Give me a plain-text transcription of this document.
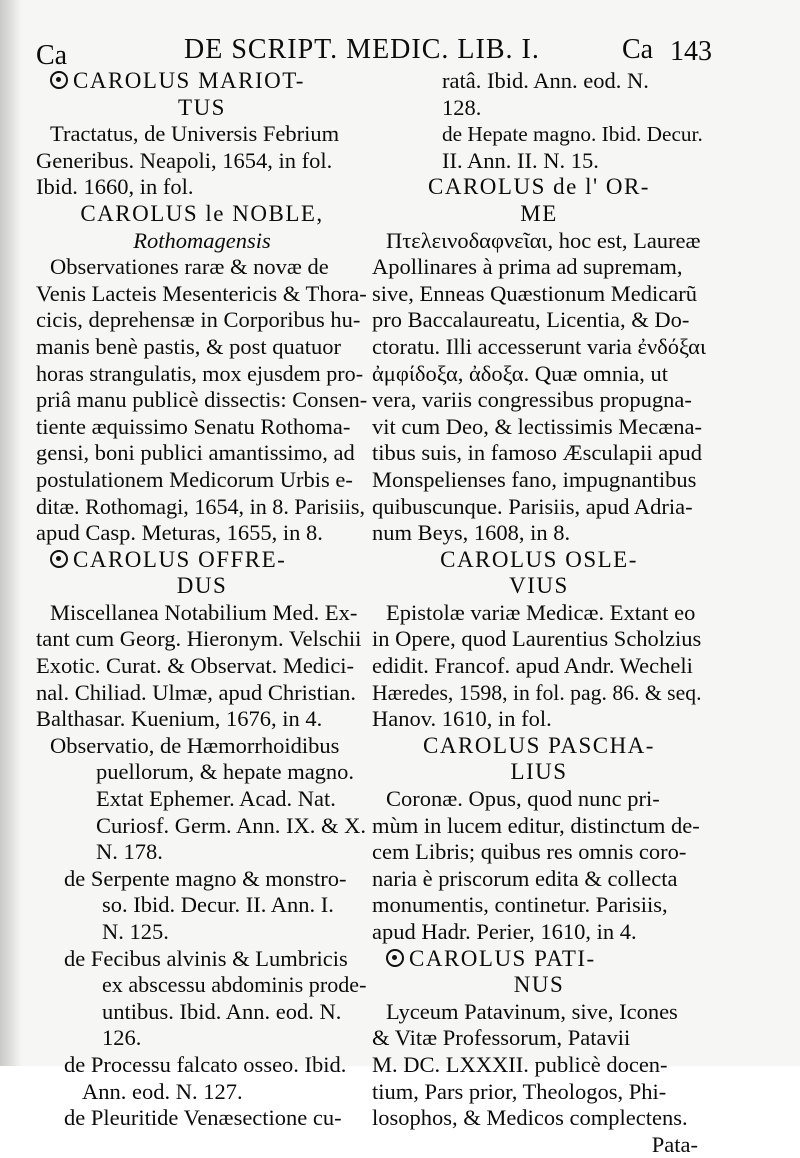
Ca	DE SCRIPT. MEDIC. LIB. I.	Ca 143
CAROLUS MARIOT-
TUS
Tractatus, de Universis Febrium
Generibus. Neapoli, 1654, in fol.
Ibid. 1660, in fol.
CAROLUS le NOBLE,
Rothomagensis
Observationes raræ & novæ de
Venis Lacteis Mesentericis & Thora-
cicis, deprehensæ in Corporibus hu-
manis benè pastis, & post quatuor
horas strangulatis, mox ejusdem pro-
priâ manu publicè dissectis: Consen-
tiente æquissimo Senatu Rothoma-
gensi, boni publici amantissimo, ad
postulationem Medicorum Urbis e-
ditæ. Rothomagi, 1654, in 8. Parisiis,
apud Casp. Meturas, 1655, in 8.
CAROLUS OFFRE-
DUS
Miscellanea Notabilium Med. Ex-
tant cum Georg. Hieronym. Velschii
Exotic. Curat. & Observat. Medici-
nal. Chiliad. Ulmæ, apud Christian.
Balthasar. Kuenium, 1676, in 4.
Observatio, de Hæmorrhoidibus
puellorum, & hepate magno.
Extat Ephemer. Acad. Nat.
Curiosf. Germ. Ann. IX. & X.
N. 178.
de Serpente magno & monstro-
so. Ibid. Decur. II. Ann. I.
N. 125.
de Fecibus alvinis & Lumbricis
ex abscessu abdominis prode-
untibus. Ibid. Ann. eod. N.
126.
de Processu falcato osseo. Ibid.
Ann. eod. N. 127.
de Pleuritide Venæsectione cu-
ratâ. Ibid. Ann. eod. N.
128.
de Hepate magno. Ibid. Decur.
II. Ann. II. N. 15.
CAROLUS de l' OR-
ME
Πτελεινοδαφνεῖαι, hoc est, Laureæ
Apollinares à prima ad supremam,
sive, Enneas Quæstionum Medicarũ
pro Baccalaureatu, Licentia, & Do-
ctoratu. Illi accesserunt varia ἐνδόξαι
ἀμφίδοξα, ἀδοξα. Quæ omnia, ut
vera, variis congressibus propugna-
vit cum Deo, & lectissimis Mecæna-
tibus suis, in famoso Æsculapii apud
Monspelienses fano, impugnantibus
quibuscunque. Parisiis, apud Adria-
num Beys, 1608, in 8.
CAROLUS OSLE-
VIUS
Epistolæ variæ Medicæ. Extant eo
in Opere, quod Laurentius Scholzius
edidit. Francof. apud Andr. Wecheli
Hæredes, 1598, in fol. pag. 86. & seq.
Hanov. 1610, in fol.
CAROLUS PASCHA-
LIUS
Coronæ. Opus, quod nunc pri-
mùm in lucem editur, distinctum de-
cem Libris; quibus res omnis coro-
naria è priscorum edita & collecta
monumentis, continetur. Parisiis,
apud Hadr. Perier, 1610, in 4.
CAROLUS PATI-
NUS
Lyceum Patavinum, sive, Icones
& Vitæ Professorum, Patavii
M. DC. LXXXII. publicè docen-
tium, Pars prior, Theologos, Phi-
losophos, & Medicos complectens.
Pata-
